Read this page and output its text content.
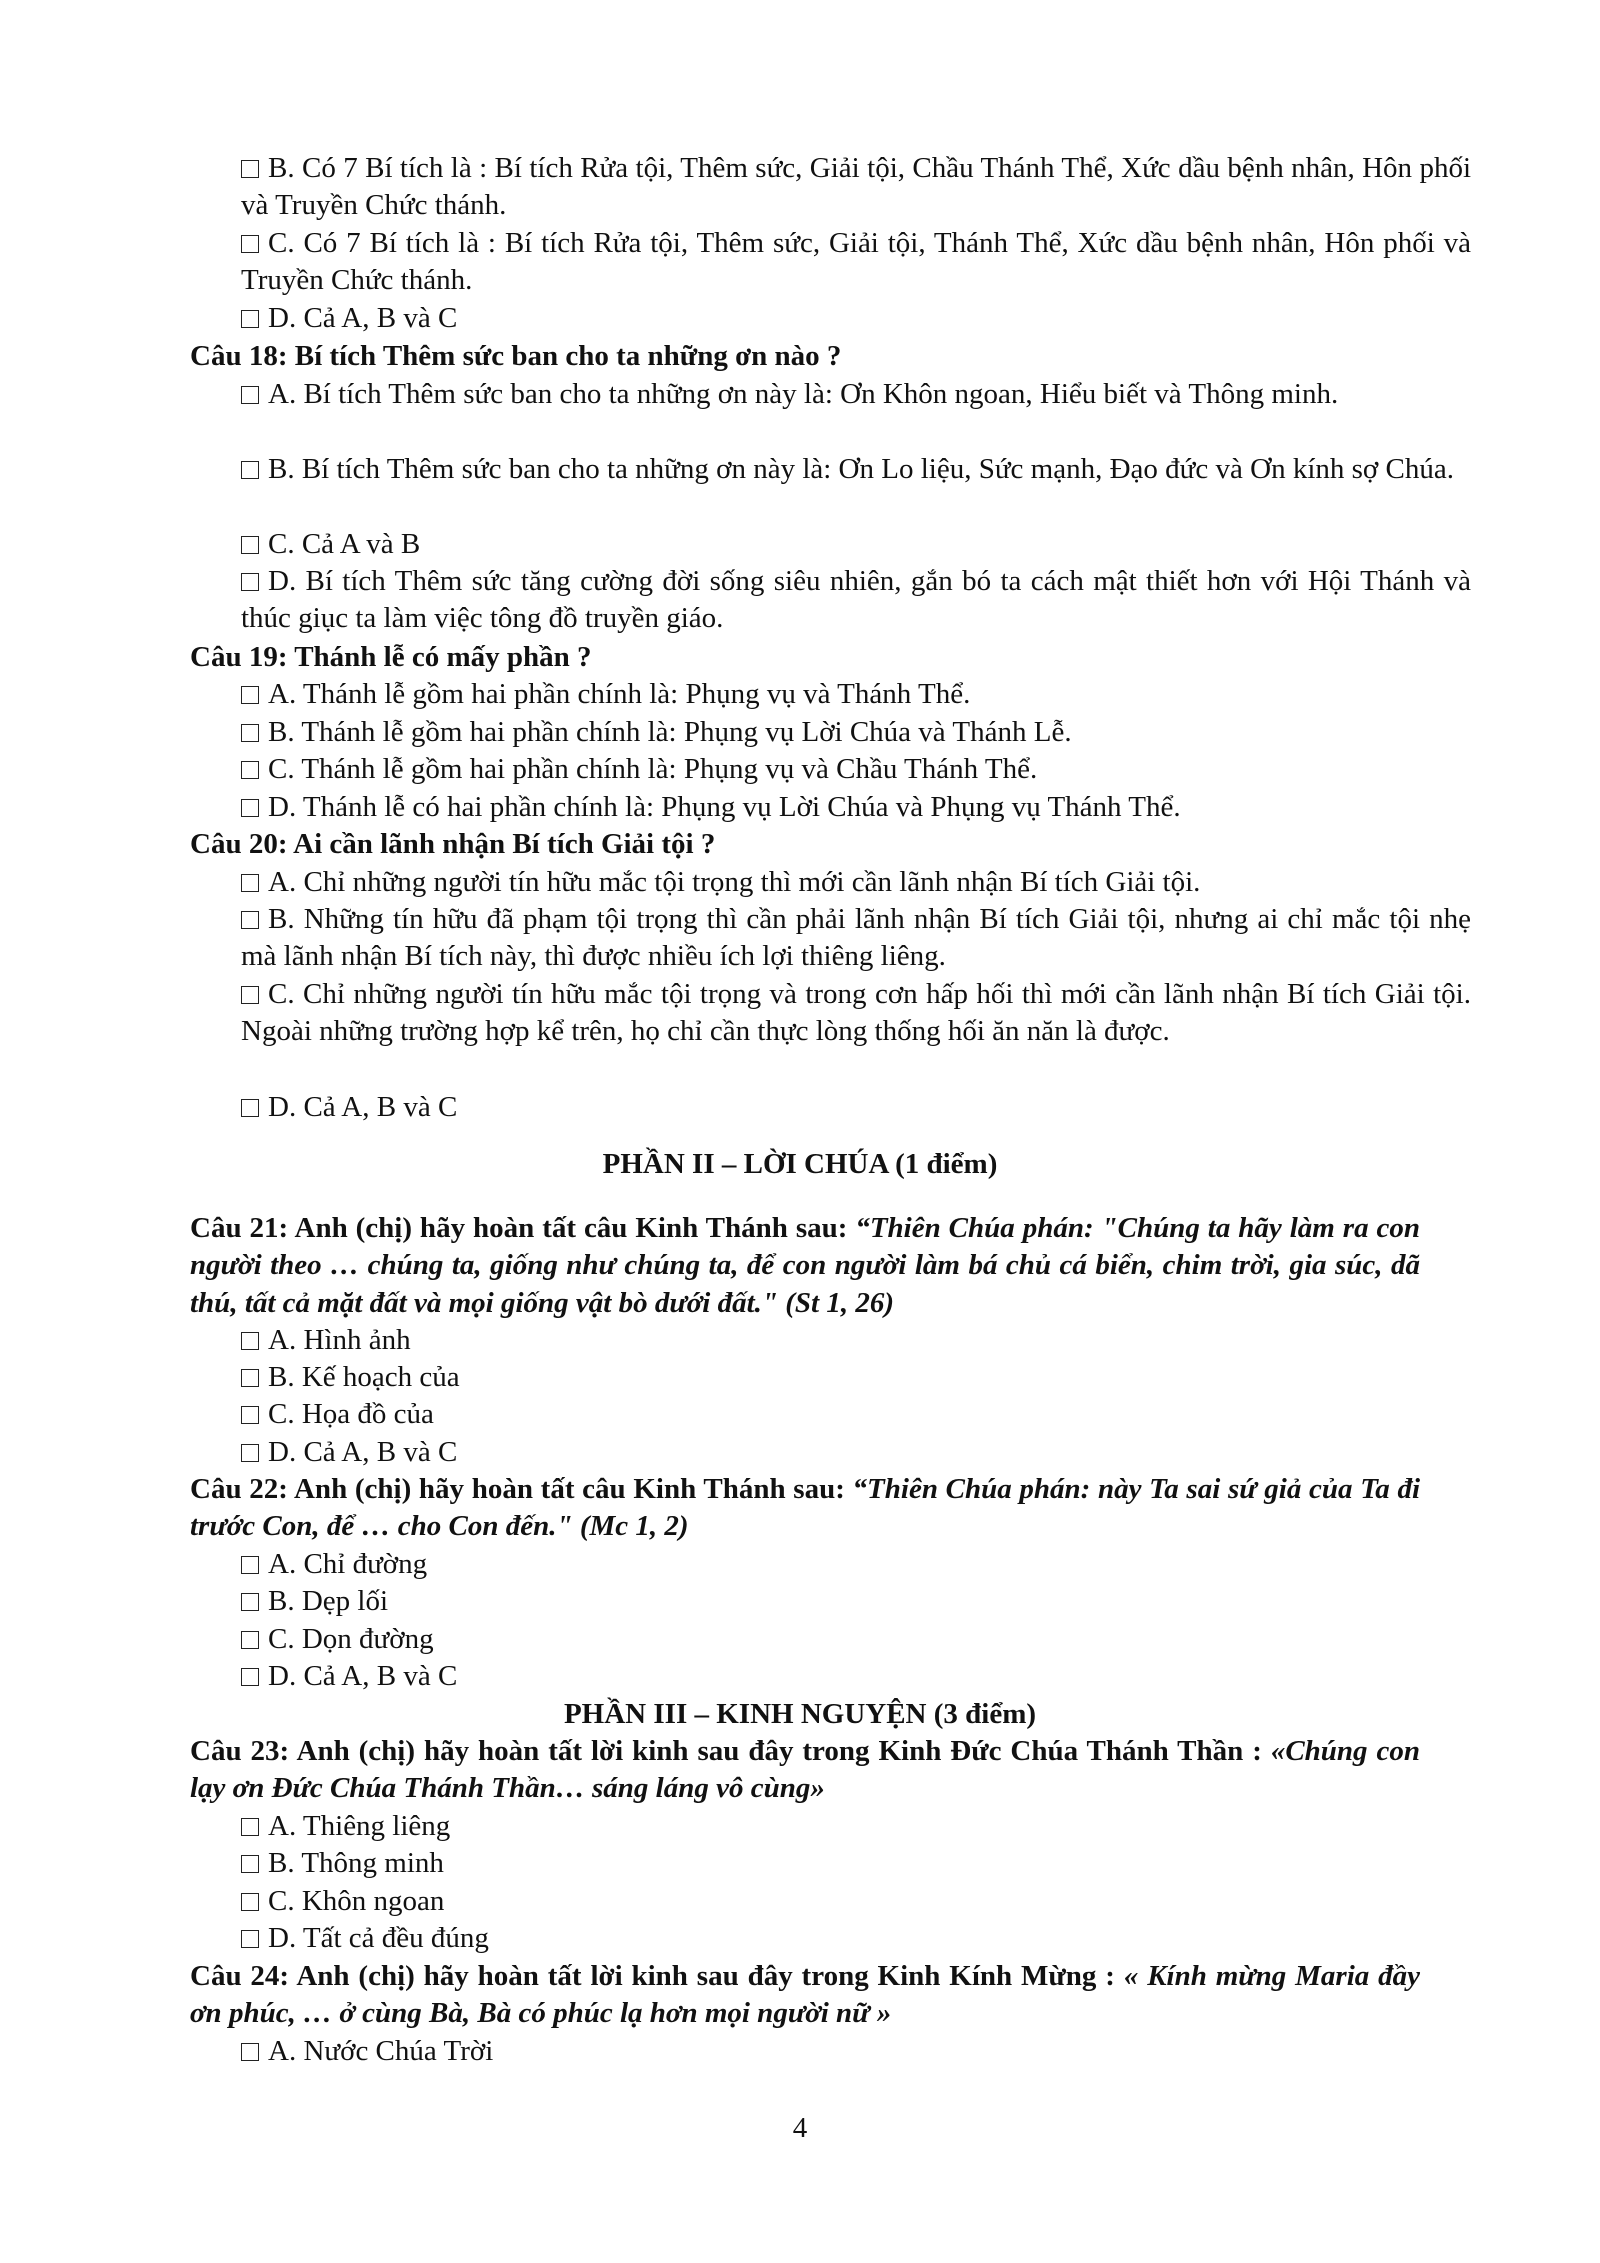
B. Có 7 Bí tích là : Bí tích Rửa tội, Thêm sức, Giải tội, Chầu Thánh Thể, Xức dầu bệnh nhân, Hôn phối và Truyền Chức thánh.

C. Có 7 Bí tích là : Bí tích Rửa tội, Thêm sức, Giải tội, Thánh Thể, Xức dầu bệnh nhân, Hôn phối và Truyền Chức thánh.

D. Cả A, B và C

Câu 18: Bí tích Thêm sức ban cho ta những ơn nào ?

A. Bí tích Thêm sức ban cho ta những ơn này là: Ơn Khôn ngoan, Hiểu biết và Thông minh.

B. Bí tích Thêm sức ban cho ta những ơn này là: Ơn Lo liệu, Sức mạnh, Đạo đức và Ơn kính sợ Chúa.

C. Cả A và B

D. Bí tích Thêm sức tăng cường đời sống siêu nhiên, gắn bó ta cách mật thiết hơn với Hội Thánh và thúc giục ta làm việc tông đồ truyền giáo.

Câu 19: Thánh lễ có mấy phần ?

A. Thánh lễ gồm hai phần chính là: Phụng vụ và Thánh Thể.

B. Thánh lễ gồm hai phần chính là: Phụng vụ Lời Chúa và Thánh Lễ.

C. Thánh lễ gồm hai phần chính là: Phụng vụ và Chầu Thánh Thể.

D. Thánh lễ có hai phần chính là: Phụng vụ Lời Chúa và Phụng vụ Thánh Thể.

Câu 20: Ai cần lãnh nhận Bí tích Giải tội ?

A. Chỉ những người tín hữu mắc tội trọng thì mới cần lãnh nhận Bí tích Giải tội.

B. Những tín hữu đã phạm tội trọng thì cần phải lãnh nhận Bí tích Giải tội, nhưng ai chỉ mắc tội nhẹ mà lãnh nhận Bí tích này, thì được nhiều ích lợi thiêng liêng.

C. Chỉ những người tín hữu mắc tội trọng và trong cơn hấp hối thì mới cần lãnh nhận Bí tích Giải tội. Ngoài những trường hợp kể trên, họ chỉ cần thực lòng thống hối ăn năn là được.

D. Cả A, B và C

PHẦN II – LỜI CHÚA (1 điểm)

Câu 21: Anh (chị) hãy hoàn tất câu Kinh Thánh sau: “Thiên Chúa phán: "Chúng ta hãy làm ra con người theo … chúng ta, giống như chúng ta, để con người làm bá chủ cá biển, chim trời, gia súc, dã thú, tất cả mặt đất và mọi giống vật bò dưới đất." (St 1, 26)

A. Hình ảnh

B. Kế hoạch của

C. Họa đồ của

D. Cả A, B và C

Câu 22: Anh (chị) hãy hoàn tất câu Kinh Thánh sau: “Thiên Chúa phán: này Ta sai sứ giả của Ta đi trước Con, để … cho Con đến." (Mc 1, 2)

A. Chỉ đường

B. Dẹp lối

C. Dọn đường

D. Cả A, B và C

PHẦN III – KINH NGUYỆN (3 điểm)

Câu 23: Anh (chị) hãy hoàn tất lời kinh sau đây trong Kinh Đức Chúa Thánh Thần : «Chúng con lạy ơn Đức Chúa Thánh Thần… sáng láng vô cùng»

A. Thiêng liêng

B. Thông minh

C. Khôn ngoan

D. Tất cả đều đúng

Câu 24: Anh (chị) hãy hoàn tất lời kinh sau đây trong Kinh Kính Mừng : « Kính mừng Maria đầy ơn phúc, … ở cùng Bà, Bà có phúc lạ hơn mọi người nữ »

A. Nước Chúa Trời

4
